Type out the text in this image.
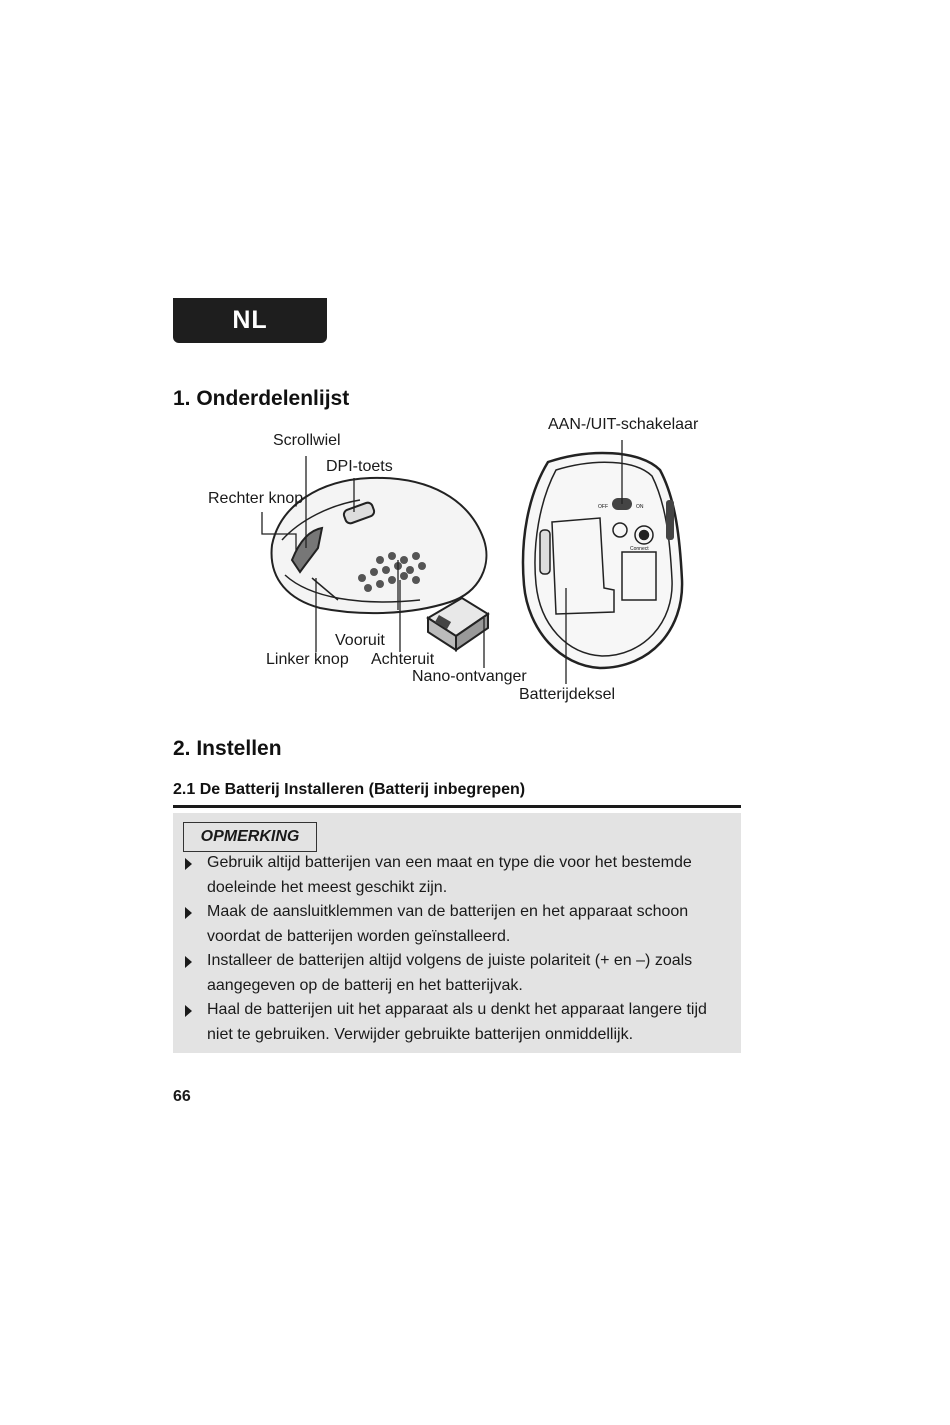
NL
1. Onderdelenlijst
OFF	ON
Connect
Scrollwiel
DPI-toets
Rechter knop
Vooruit
Linker knop Achteruit
Nano-ontvanger
AAN-/UIT-schakelaar
Batterijdeksel
2. Instellen
2.1 De Batterij Installeren (Batterij inbegrepen)
OPMERKING
Gebruik altijd batterijen van een maat en type die voor het bestemde doeleinde het meest geschikt zijn.
Maak de aansluitklemmen van de batterijen en het apparaat schoon voordat de batterijen worden geïnstalleerd.
Installeer de batterijen altijd volgens de juiste polariteit (+ en –) zoals aangegeven op de batterij en het batterijvak.
Haal de batterijen uit het apparaat als u denkt het apparaat langere tijd niet te gebruiken. Verwijder gebruikte batterijen onmiddellijk.
66
